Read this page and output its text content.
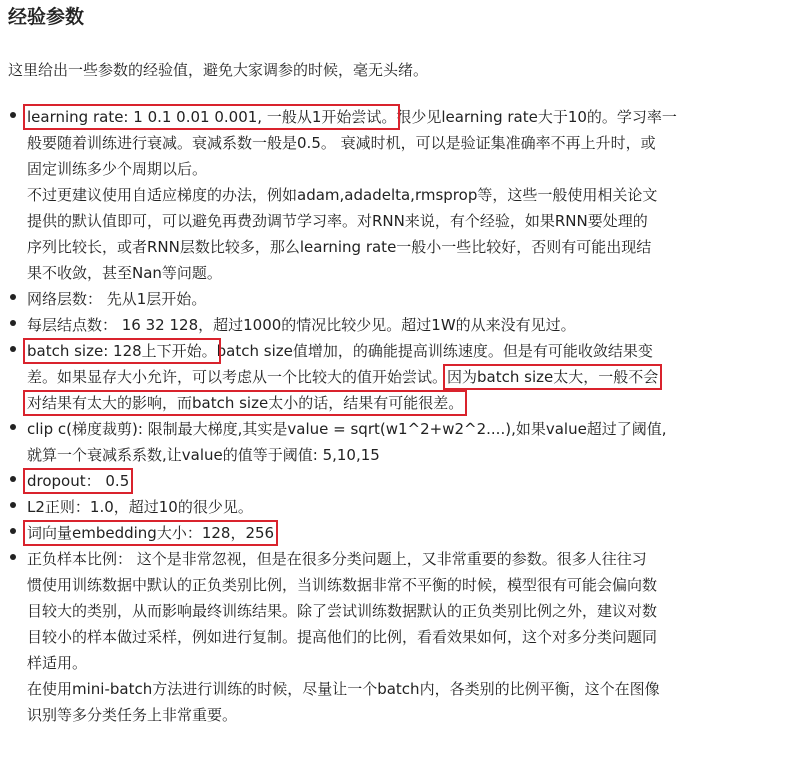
经验参数

这里给出一些参数的经验值，避免大家调参的时候，毫无头绪。

learning rate: 1 0.1 0.01 0.001, 一般从1开始尝试。很少见learning rate大于10的。学习率一
般要随着训练进行衰减。衰减系数一般是0.5。 衰减时机，可以是验证集准确率不再上升时，或
固定训练多少个周期以后。
不过更建议使用自适应梯度的办法，例如adam,adadelta,rmsprop等，这些一般使用相关论文
提供的默认值即可，可以避免再费劲调节学习率。对RNN来说，有个经验，如果RNN要处理的
序列比较长，或者RNN层数比较多，那么learning rate一般小一些比较好，否则有可能出现结
果不收敛，甚至Nan等问题。
网络层数： 先从1层开始。
每层结点数： 16 32 128，超过1000的情况比较少见。超过1W的从来没有见过。
batch size: 128上下开始。batch size值增加，的确能提高训练速度。但是有可能收敛结果变
差。如果显存大小允许，可以考虑从一个比较大的值开始尝试。因为batch size太大，一般不会
对结果有太大的影响，而batch size太小的话，结果有可能很差。
clip c(梯度裁剪): 限制最大梯度,其实是value = sqrt(w1^2+w2^2....),如果value超过了阈值,
就算一个衰减系系数,让value的值等于阈值: 5,10,15
dropout： 0.5
L2正则：1.0，超过10的很少见。
词向量embedding大小：128，256
正负样本比例： 这个是非常忽视，但是在很多分类问题上，又非常重要的参数。很多人往往习
惯使用训练数据中默认的正负类别比例，当训练数据非常不平衡的时候，模型很有可能会偏向数
目较大的类别，从而影响最终训练结果。除了尝试训练数据默认的正负类别比例之外，建议对数
目较小的样本做过采样，例如进行复制。提高他们的比例，看看效果如何，这个对多分类问题同
样适用。
在使用mini-batch方法进行训练的时候，尽量让一个batch内，各类别的比例平衡，这个在图像
识别等多分类任务上非常重要。
